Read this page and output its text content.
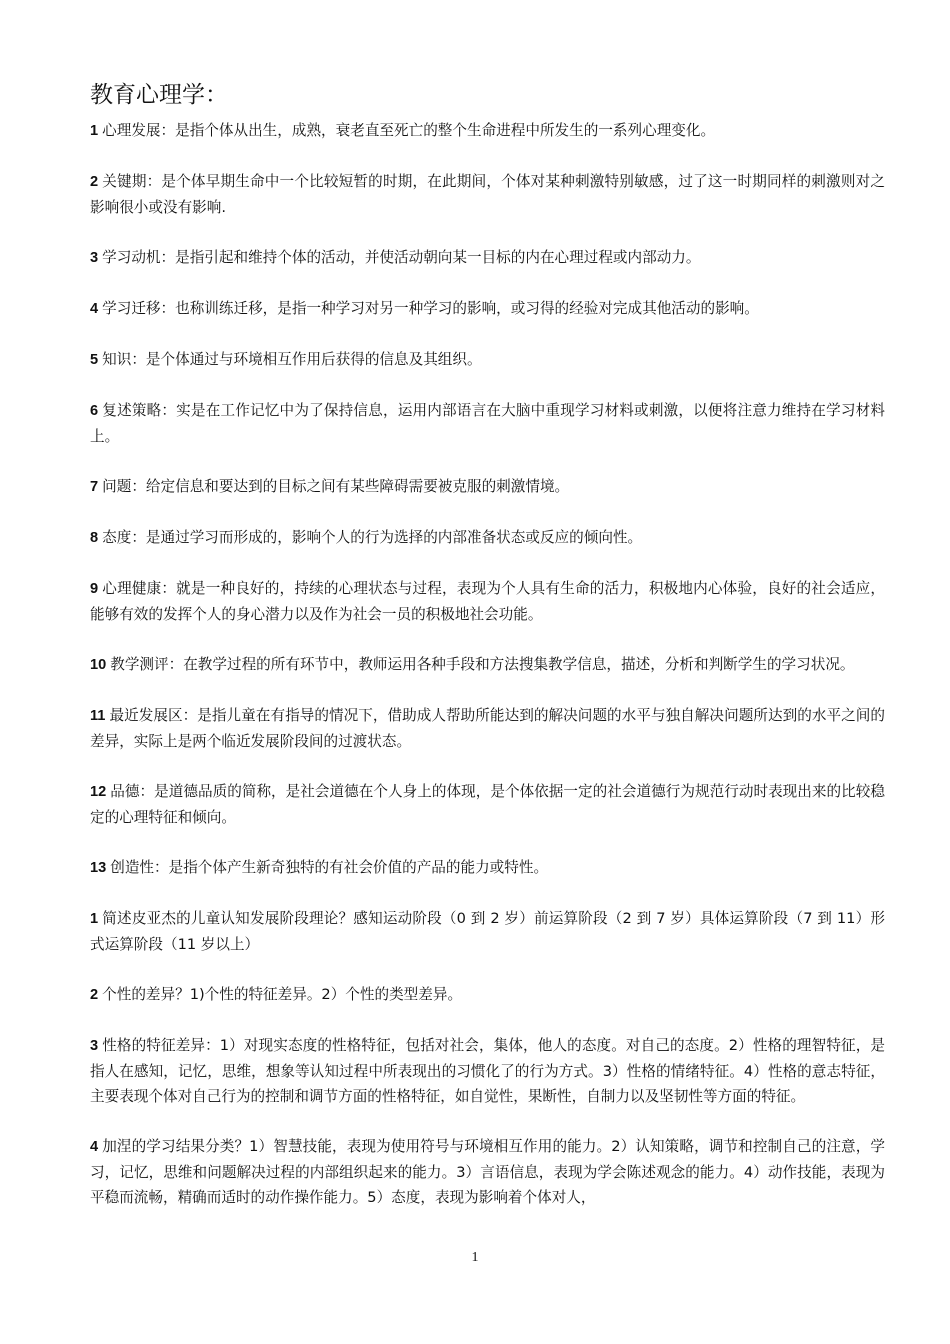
教育心理学：

1 心理发展：是指个体从出生，成熟，衰老直至死亡的整个生命进程中所发生的一系列心理变化。

2 关键期：是个体早期生命中一个比较短暂的时期，在此期间，个体对某种刺激特别敏感，过了这一时期同样的刺激则对之影响很小或没有影响.

3 学习动机：是指引起和维持个体的活动，并使活动朝向某一目标的内在心理过程或内部动力。

4 学习迁移：也称训练迁移，是指一种学习对另一种学习的影响，或习得的经验对完成其他活动的影响。

5 知识：是个体通过与环境相互作用后获得的信息及其组织。

6 复述策略：实是在工作记忆中为了保持信息，运用内部语言在大脑中重现学习材料或刺激，以便将注意力维持在学习材料上。

7 问题：给定信息和要达到的目标之间有某些障碍需要被克服的刺激情境。

8 态度：是通过学习而形成的，影响个人的行为选择的内部准备状态或反应的倾向性。

9 心理健康：就是一种良好的，持续的心理状态与过程，表现为个人具有生命的活力，积极地内心体验，良好的社会适应，能够有效的发挥个人的身心潜力以及作为社会一员的积极地社会功能。

10 教学测评：在教学过程的所有环节中，教师运用各种手段和方法搜集教学信息，描述，分析和判断学生的学习状况。

11 最近发展区：是指儿童在有指导的情况下，借助成人帮助所能达到的解决问题的水平与独自解决问题所达到的水平之间的差异，实际上是两个临近发展阶段间的过渡状态。

12 品德：是道德品质的简称，是社会道德在个人身上的体现，是个体依据一定的社会道德行为规范行动时表现出来的比较稳定的心理特征和倾向。

13 创造性：是指个体产生新奇独特的有社会价值的产品的能力或特性。

1 简述皮亚杰的儿童认知发展阶段理论？感知运动阶段（0 到 2 岁）前运算阶段（2 到 7 岁）具体运算阶段（7 到 11）形式运算阶段（11 岁以上）

2 个性的差异？1)个性的特征差异。2）个性的类型差异。

3 性格的特征差异：1）对现实态度的性格特征，包括对社会，集体，他人的态度。对自己的态度。2）性格的理智特征，是指人在感知，记忆，思维，想象等认知过程中所表现出的习惯化了的行为方式。3）性格的情绪特征。4）性格的意志特征，主要表现个体对自己行为的控制和调节方面的性格特征，如自觉性，果断性，自制力以及坚韧性等方面的特征。

4 加涅的学习结果分类？1）智慧技能，表现为使用符号与环境相互作用的能力。2）认知策略，调节和控制自己的注意，学习，记忆，思维和问题解决过程的内部组织起来的能力。3）言语信息，表现为学会陈述观念的能力。4）动作技能，表现为平稳而流畅，精确而适时的动作操作能力。5）态度，表现为影响着个体对人，

1
